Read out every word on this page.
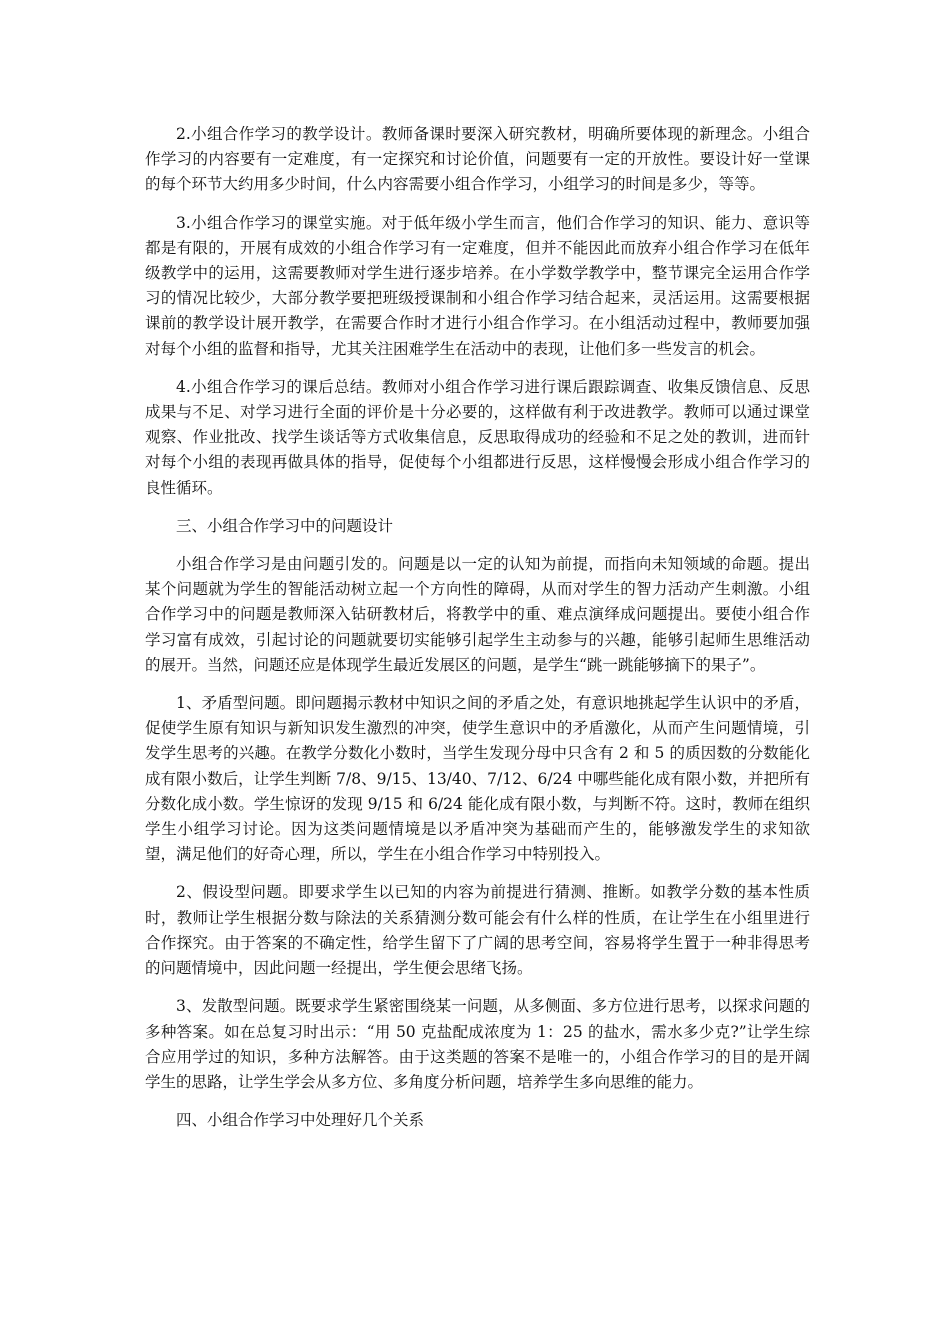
2.小组合作学习的教学设计。教师备课时要深入研究教材，明确所要体现的新理念。小组合作学习的内容要有一定难度，有一定探究和讨论价值，问题要有一定的开放性。要设计好一堂课的每个环节大约用多少时间，什么内容需要小组合作学习，小组学习的时间是多少，等等。

3.小组合作学习的课堂实施。对于低年级小学生而言，他们合作学习的知识、能力、意识等都是有限的，开展有成效的小组合作学习有一定难度，但并不能因此而放弃小组合作学习在低年级教学中的运用，这需要教师对学生进行逐步培养。在小学数学教学中，整节课完全运用合作学习的情况比较少，大部分教学要把班级授课制和小组合作学习结合起来，灵活运用。这需要根据课前的教学设计展开教学，在需要合作时才进行小组合作学习。在小组活动过程中，教师要加强对每个小组的监督和指导，尤其关注困难学生在活动中的表现，让他们多一些发言的机会。

4.小组合作学习的课后总结。教师对小组合作学习进行课后跟踪调查、收集反馈信息、反思成果与不足、对学习进行全面的评价是十分必要的，这样做有利于改进教学。教师可以通过课堂观察、作业批改、找学生谈话等方式收集信息，反思取得成功的经验和不足之处的教训，进而针对每个小组的表现再做具体的指导，促使每个小组都进行反思，这样慢慢会形成小组合作学习的良性循环。

三、小组合作学习中的问题设计

小组合作学习是由问题引发的。问题是以一定的认知为前提，而指向未知领域的命题。提出某个问题就为学生的智能活动树立起一个方向性的障碍，从而对学生的智力活动产生刺激。小组合作学习中的问题是教师深入钻研教材后，将教学中的重、难点演绎成问题提出。要使小组合作学习富有成效，引起讨论的问题就要切实能够引起学生主动参与的兴趣，能够引起师生思维活动的展开。当然，问题还应是体现学生最近发展区的问题，是学生“跳一跳能够摘下的果子”。

1、矛盾型问题。即问题揭示教材中知识之间的矛盾之处，有意识地挑起学生认识中的矛盾，促使学生原有知识与新知识发生激烈的冲突，使学生意识中的矛盾激化，从而产生问题情境，引发学生思考的兴趣。在教学分数化小数时，当学生发现分母中只含有 2 和 5 的质因数的分数能化成有限小数后，让学生判断 7/8、9/15、13/40、7/12、6/24 中哪些能化成有限小数，并把所有分数化成小数。学生惊讶的发现 9/15 和 6/24 能化成有限小数，与判断不符。这时，教师在组织学生小组学习讨论。因为这类问题情境是以矛盾冲突为基础而产生的，能够激发学生的求知欲望，满足他们的好奇心理，所以，学生在小组合作学习中特别投入。

2、假设型问题。即要求学生以已知的内容为前提进行猜测、推断。如教学分数的基本性质时，教师让学生根据分数与除法的关系猜测分数可能会有什么样的性质，在让学生在小组里进行合作探究。由于答案的不确定性，给学生留下了广阔的思考空间，容易将学生置于一种非得思考的问题情境中，因此问题一经提出，学生便会思绪飞扬。

3、发散型问题。既要求学生紧密围绕某一问题，从多侧面、多方位进行思考，以探求问题的多种答案。如在总复习时出示：“用 50 克盐配成浓度为 1：25 的盐水，需水多少克?”让学生综合应用学过的知识，多种方法解答。由于这类题的答案不是唯一的，小组合作学习的目的是开阔学生的思路，让学生学会从多方位、多角度分析问题，培养学生多向思维的能力。

四、小组合作学习中处理好几个关系
